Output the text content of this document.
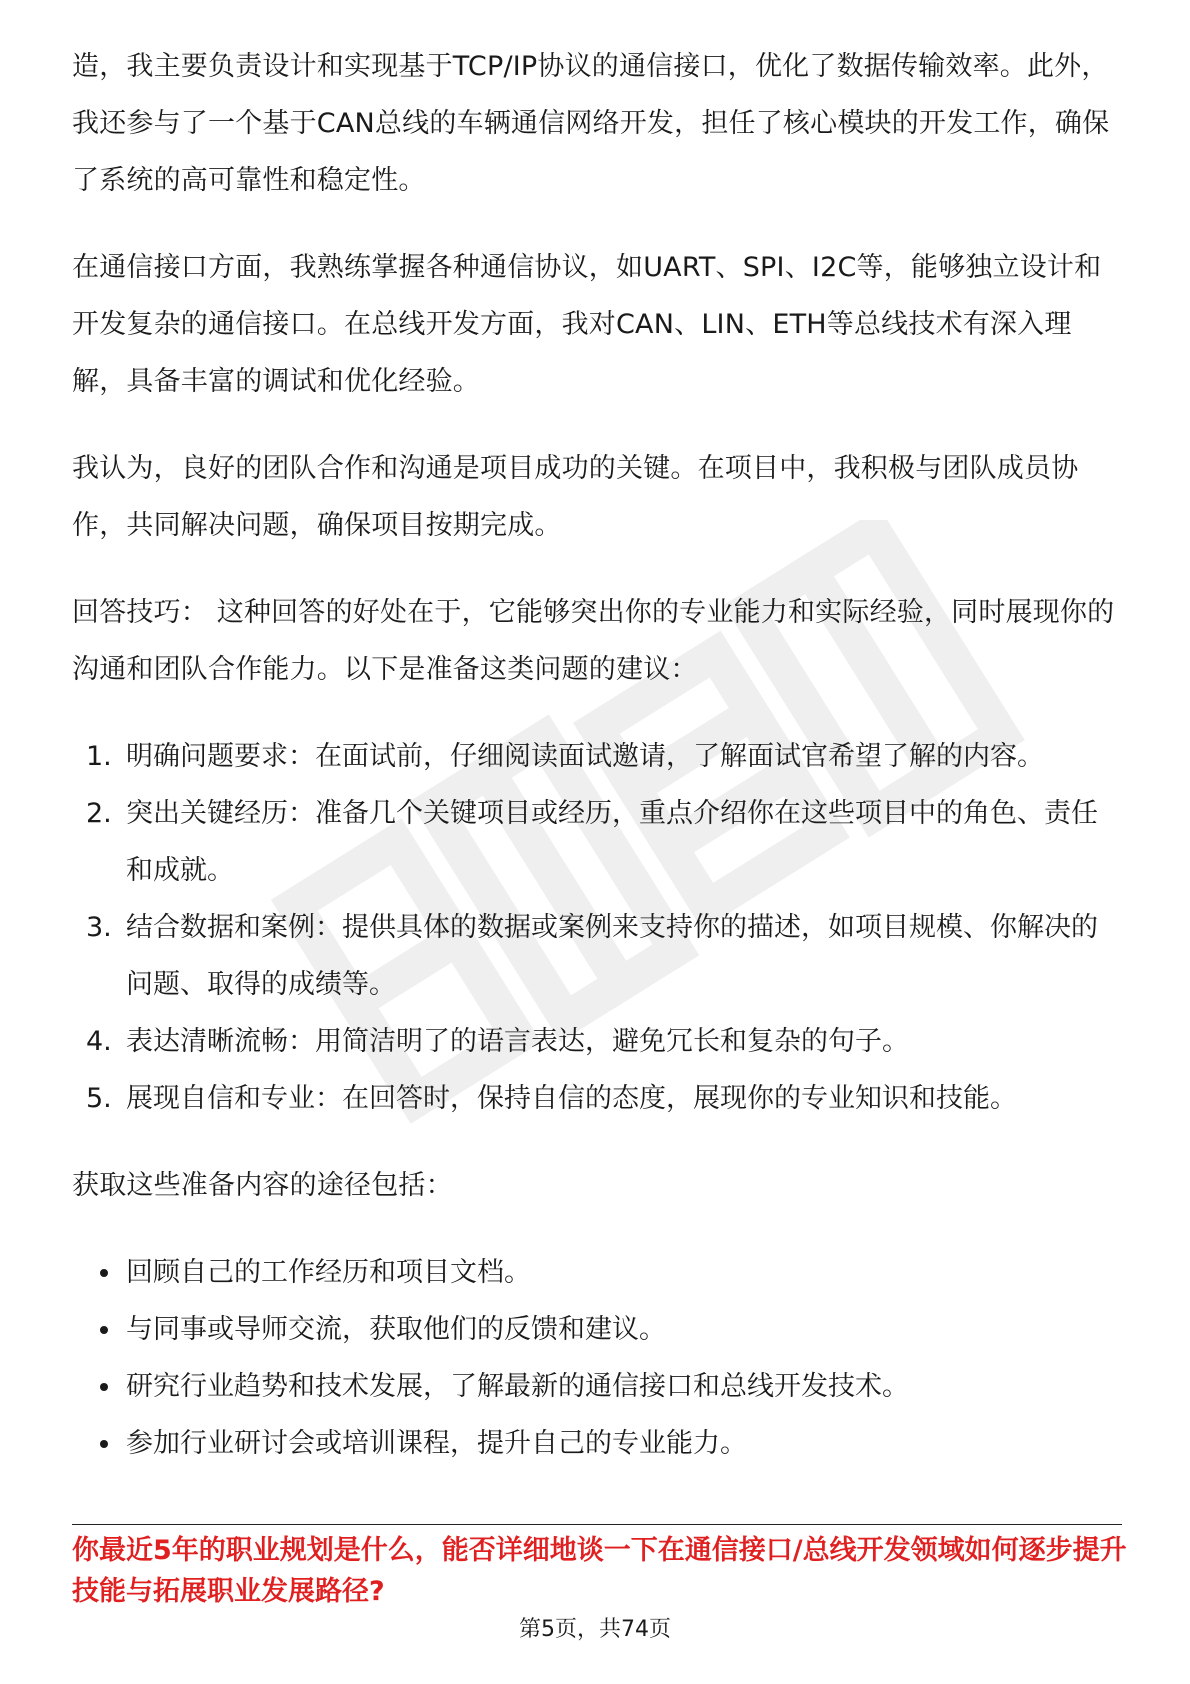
造，我主要负责设计和实现基于TCP/IP协议的通信接口，优化了数据传输效率。此外，我还参与了一个基于CAN总线的车辆通信网络开发，担任了核心模块的开发工作，确保了系统的高可靠性和稳定性。

在通信接口方面，我熟练掌握各种通信协议，如UART、SPI、I2C等，能够独立设计和开发复杂的通信接口。在总线开发方面，我对CAN、LIN、ETH等总线技术有深入理解，具备丰富的调试和优化经验。

我认为，良好的团队合作和沟通是项目成功的关键。在项目中，我积极与团队成员协作，共同解决问题，确保项目按期完成。

回答技巧： 这种回答的好处在于，它能够突出你的专业能力和实际经验，同时展现你的沟通和团队合作能力。以下是准备这类问题的建议：

1. 明确问题要求：在面试前，仔细阅读面试邀请，了解面试官希望了解的内容。
2. 突出关键经历：准备几个关键项目或经历，重点介绍你在这些项目中的角色、责任和成就。
3. 结合数据和案例：提供具体的数据或案例来支持你的描述，如项目规模、你解决的问题、取得的成绩等。
4. 表达清晰流畅：用简洁明了的语言表达，避免冗长和复杂的句子。
5. 展现自信和专业：在回答时，保持自信的态度，展现你的专业知识和技能。

获取这些准备内容的途径包括：

回顾自己的工作经历和项目文档。
与同事或导师交流，获取他们的反馈和建议。
研究行业趋势和技术发展，了解最新的通信接口和总线开发技术。
参加行业研讨会或培训课程，提升自己的专业能力。

你最近5年的职业规划是什么，能否详细地谈一下在通信接口/总线开发领域如何逐步提升技能与拓展职业发展路径?

第5页，共74页
